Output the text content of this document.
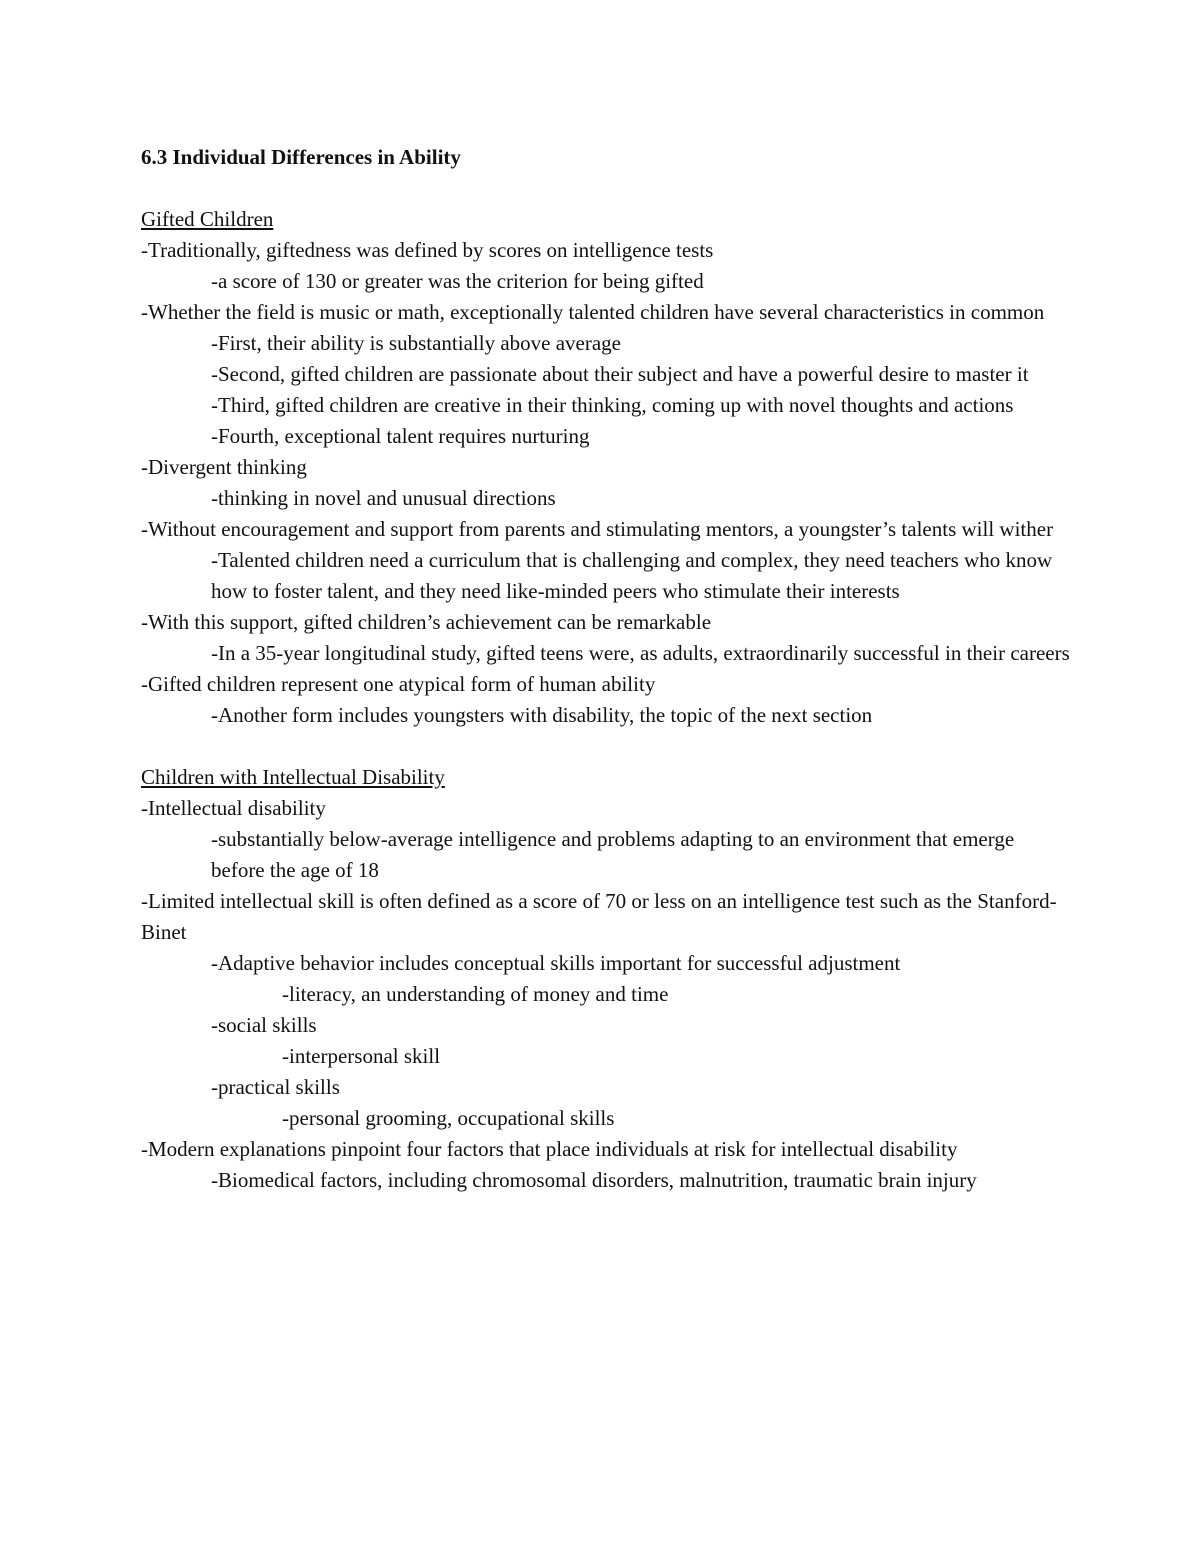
6.3 Individual Differences in Ability
Gifted Children
-Traditionally, giftedness was defined by scores on intelligence tests
-a score of 130 or greater was the criterion for being gifted
-Whether the field is music or math, exceptionally talented children have several characteristics in common
-First, their ability is substantially above average
-Second, gifted children are passionate about their subject and have a powerful desire to master it
-Third, gifted children are creative in their thinking, coming up with novel thoughts and actions
-Fourth, exceptional talent requires nurturing
-Divergent thinking
-thinking in novel and unusual directions
-Without encouragement and support from parents and stimulating mentors, a youngster’s talents will wither
-Talented children need a curriculum that is challenging and complex, they need teachers who know how to foster talent, and they need like-minded peers who stimulate their interests
-With this support, gifted children’s achievement can be remarkable
-In a 35-year longitudinal study, gifted teens were, as adults, extraordinarily successful in their careers
-Gifted children represent one atypical form of human ability
-Another form includes youngsters with disability, the topic of the next section
Children with Intellectual Disability
-Intellectual disability
-substantially below-average intelligence and problems adapting to an environment that emerge before the age of 18
-Limited intellectual skill is often defined as a score of 70 or less on an intelligence test such as the Stanford-Binet
-Adaptive behavior includes conceptual skills important for successful adjustment
-literacy, an understanding of money and time
-social skills
-interpersonal skill
-practical skills
-personal grooming, occupational skills
-Modern explanations pinpoint four factors that place individuals at risk for intellectual disability
-Biomedical factors, including chromosomal disorders, malnutrition, traumatic brain injury
